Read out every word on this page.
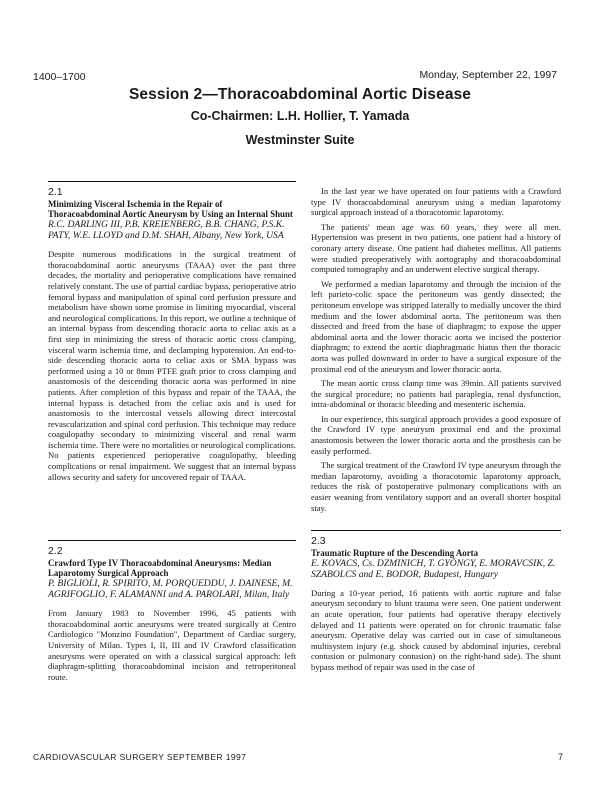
1400–1700	Monday, September 22, 1997
Session 2—Thoracoabdominal Aortic Disease
Co-Chairmen: L.H. Hollier, T. Yamada
Westminster Suite
2.1
Minimizing Visceral Ischemia in the Repair of Thoracoabdominal Aortic Aneurysm by Using an Internal Shunt
R.C. DARLING III, P.B. KREIENBERG, B.B. CHANG, P.S.K. PATY, W.E. LLOYD and D.M. SHAH, Albany, New York, USA

Despite numerous modifications in the surgical treatment of thoracoabdominal aortic aneurysms (TAAA) over the past three decades, the mortality and perioperative complications have remained relatively constant. The use of partial cardiac bypass, perioperative atrio femoral bypass and manipulation of spinal cord perfusion pressure and metabolism have shown some promise in limiting myocardial, visceral and neurological complications. In this report, we outline a technique of an internal bypass from descending thoracic aorta to celiac axis as a first step in minimizing the stress of thoracic aortic cross clamping, visceral warm ischemia time, and declamping hypotension. An end-to-side descending thoracic aorta to celiac axis or SMA bypass was performed using a 10 or 8mm PTFE graft prior to cross clamping and anastomosis of the descending thoracic aorta was performed in nine patients. After completion of this bypass and repair of the TAAA, the internal bypass is detached from the celiac axis and is used for anastomosis to the intercostal vessels allowing direct intercostal revascularization and spinal cord perfusion. This technique may reduce coagulopathy secondary to minimizing visceral and renal warm ischemia time. There were no mortalities or neurological complications. No patients experienced perioperative coagulopathy, bleeding complications or renal impairment. We suggest that an internal bypass allows security and safety for uncovered repair of TAAA.

2.2
Crawford Type IV Thoracoabdominal Aneurysms: Median Laparotomy Surgical Approach
P. BIGLIOLI, R. SPIRITO, M. PORQUEDDU, J. DAINESE, M. AGRIFOGLIO, F. ALAMANNI and A. PAROLARI, Milan, Italy

From January 1983 to November 1996, 45 patients with thoracoabdominal aortic aneurysms were treated surgically at Centro Cardiologico "Monzino Foundation", Department of Cardiac surgery, University of Milan. Types I, II, III and IV Crawford classification aneurysms were operated on with a classical surgical approach: left diaphragm-splitting thoracoabdominal incision and retroperitoneal route.

In the last year we have operated on four patients with a Crawford type IV thoracoabdominal aneurysm using a median laparotomy surgical approach instead of a thoracotomic laparotomy.

The patients' mean age was 60 years, they were all men. Hypertension was present in two patients, one patient had a history of coronary artery disease. One patient had diabetes mellitus. All patients were studied preoperatively with aortography and thoracoabdominal computed tomography and an underwent elective surgical therapy.

We performed a median laparotomy and through the incision of the left parieto-colic space the peritoneum was gently dissected; the peritoneum envelope was stripped laterally to medially uncover the third medium and the lower abdominal aorta. The peritoneum was then dissected and freed from the base of diaphragm; to expose the upper abdominal aorta and the lower thoracic aorta we incised the posterior diaphragm; to extend the aortic diaphragmatic hiatus then the thoracic aorta was pulled downward in order to have a surgical exposure of the proximal end of the aneurysm and lower thoracic aorta.

The mean aortic cross clamp time was 39min. All patients survived the surgical procedure; no patients had paraplegia, renal dysfunction, intra-abdominal or thoracic bleeding and mesenteric ischemia.

In our experience, this surgical approach provides a good exposure of the Crawford IV type aneurysm proximal end and the proximal anastomosis between the lower thoracic aorta and the prosthesis can be easily performed.

The surgical treatment of the Crawford IV type aneurysm through the median laparotomy, avoiding a thoracotomic laparotomy approach, reduces the risk of postoperative pulmonary complications with an easier weaning from ventilatory support and an overall shorter hospital stay.

2.3
Traumatic Rupture of the Descending Aorta
E. KOVACS, Cs. DZMINICH, T. GYÖNGY, E. MORAVCSIK, Z. SZABOLCS and E. BODOR, Budapest, Hungary

During a 10-year period, 16 patients with aortic rupture and false aneurysm secondary to blunt trauma were seen. One patient underwent an acute operation, four patients had operative therapy electively delayed and 11 patients were operated on for chronic traumatic false aneurysm. Operative delay was carried out in case of simultaneous multisystem injury (e.g. shock caused by abdominal injuries, cerebral contusion or pulmonary contusion) on the right-hand side). The shunt bypass method of repair was used in the case of

CARDIOVASCULAR SURGERY SEPTEMBER 1997	7
